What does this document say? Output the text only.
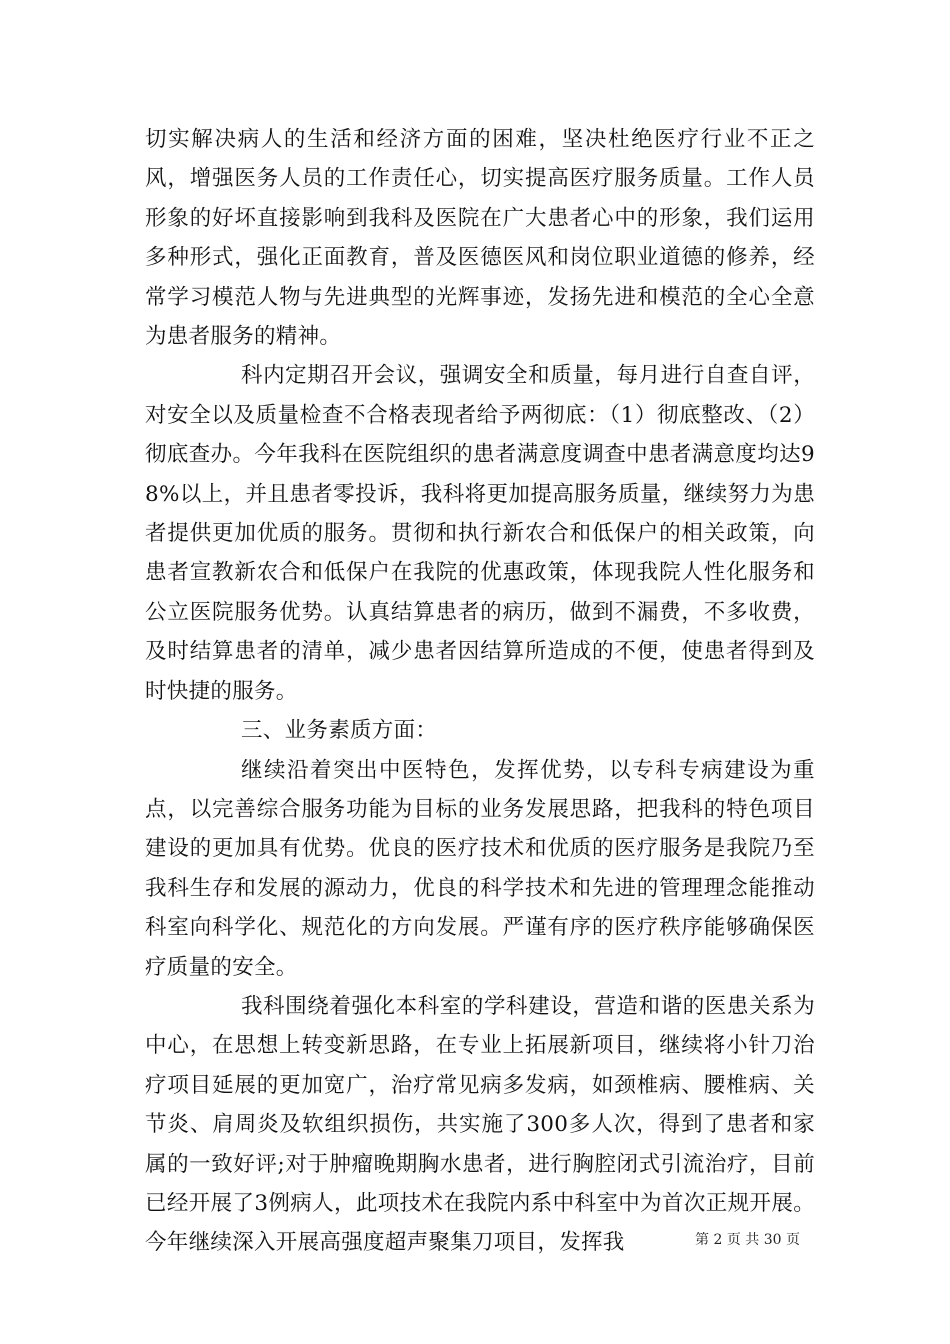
切实解决病人的生活和经济方面的困难，坚决杜绝医疗行业不正之风，增强医务人员的工作责任心，切实提高医疗服务质量。工作人员形象的好坏直接影响到我科及医院在广大患者心中的形象，我们运用多种形式，强化正面教育，普及医德医风和岗位职业道德的修养，经常学习模范人物与先进典型的光辉事迹，发扬先进和模范的全心全意为患者服务的精神。

科内定期召开会议，强调安全和质量，每月进行自查自评，对安全以及质量检查不合格表现者给予两彻底：（1）彻底整改、（2）彻底查办。今年我科在医院组织的患者满意度调查中患者满意度均达98%以上，并且患者零投诉，我科将更加提高服务质量，继续努力为患者提供更加优质的服务。贯彻和执行新农合和低保户的相关政策，向患者宣教新农合和低保户在我院的优惠政策，体现我院人性化服务和公立医院服务优势。认真结算患者的病历，做到不漏费，不多收费，及时结算患者的清单，减少患者因结算所造成的不便，使患者得到及时快捷的服务。

三、业务素质方面：

继续沿着突出中医特色，发挥优势，以专科专病建设为重点，以完善综合服务功能为目标的业务发展思路，把我科的特色项目建设的更加具有优势。优良的医疗技术和优质的医疗服务是我院乃至我科生存和发展的源动力，优良的科学技术和先进的管理理念能推动科室向科学化、规范化的方向发展。严谨有序的医疗秩序能够确保医疗质量的安全。

我科围绕着强化本科室的学科建设，营造和谐的医患关系为中心，在思想上转变新思路，在专业上拓展新项目，继续将小针刀治疗项目延展的更加宽广，治疗常见病多发病，如颈椎病、腰椎病、关节炎、肩周炎及软组织损伤，共实施了300多人次，得到了患者和家属的一致好评;对于肿瘤晚期胸水患者，进行胸腔闭式引流治疗，目前已经开展了3例病人，此项技术在我院内系中科室中为首次正规开展。今年继续深入开展高强度超声聚集刀项目，发挥我	第 2 页 共 30 页
